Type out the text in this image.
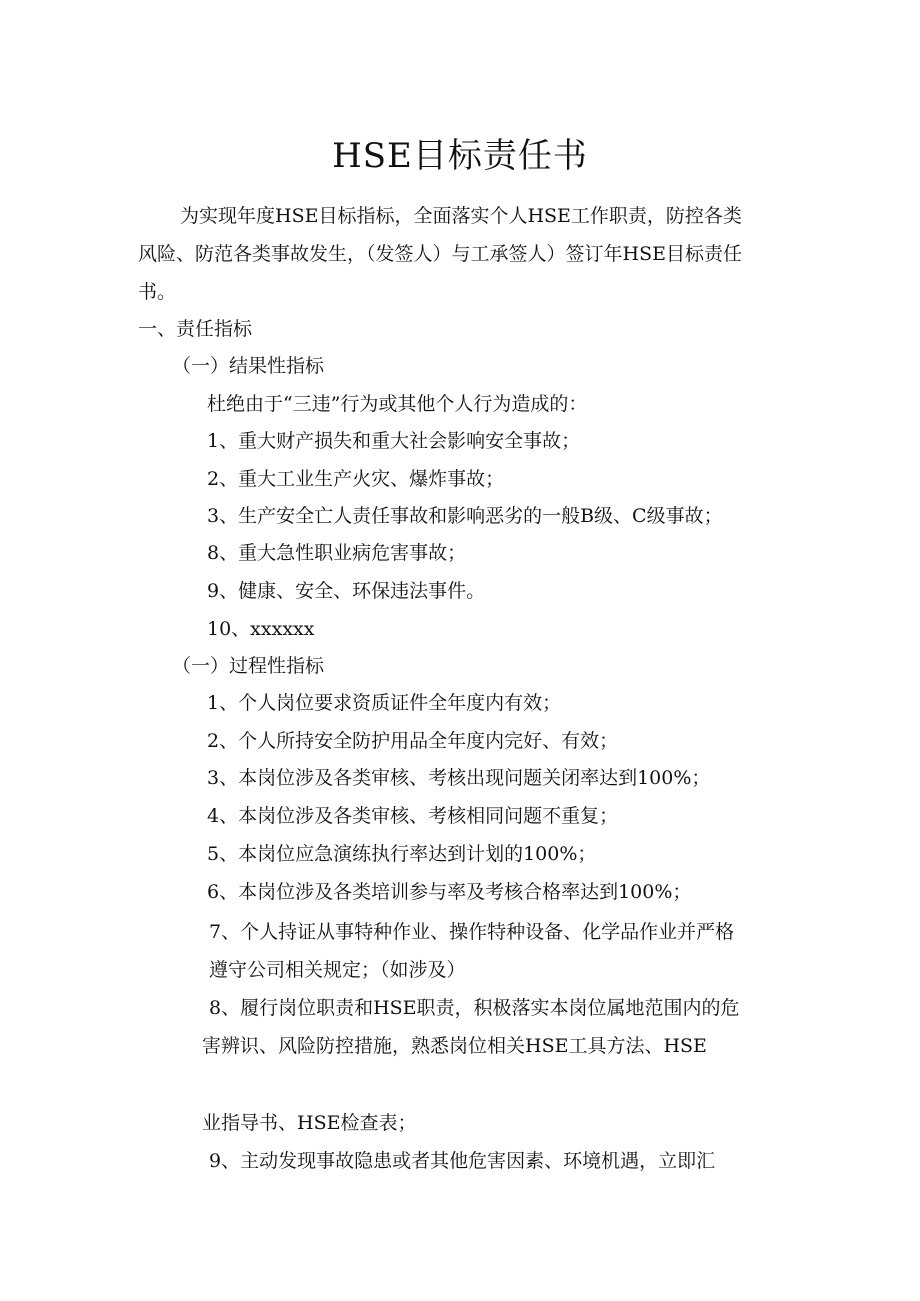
HSE目标责任书
为实现年度HSE目标指标，全面落实个人HSE工作职责，防控各类
风险、防范各类事故发生，（发签人）与工承签人）签订年HSE目标责任
书。
一、责任指标
（一）结果性指标
杜绝由于“三违”行为或其他个人行为造成的：
1、重大财产损失和重大社会影响安全事故；
2、重大工业生产火灾、爆炸事故；
3、生产安全亡人责任事故和影响恶劣的一般B级、C级事故；
8、重大急性职业病危害事故；
9、健康、安全、环保违法事件。
10、xxxxxx
（一）过程性指标
1、个人岗位要求资质证件全年度内有效；
2、个人所持安全防护用品全年度内完好、有效；
3、本岗位涉及各类审核、考核出现问题关闭率达到100%；
4、本岗位涉及各类审核、考核相同问题不重复；
5、本岗位应急演练执行率达到计划的100%；
6、本岗位涉及各类培训参与率及考核合格率达到100%；
7、个人持证从事特种作业、操作特种设备、化学品作业并严格
遵守公司相关规定；（如涉及）
8、履行岗位职责和HSE职责，积极落实本岗位属地范围内的危
害辨识、风险防控措施，熟悉岗位相关HSE工具方法、HSE
业指导书、HSE检查表；
9、主动发现事故隐患或者其他危害因素、环境机遇，立即汇
